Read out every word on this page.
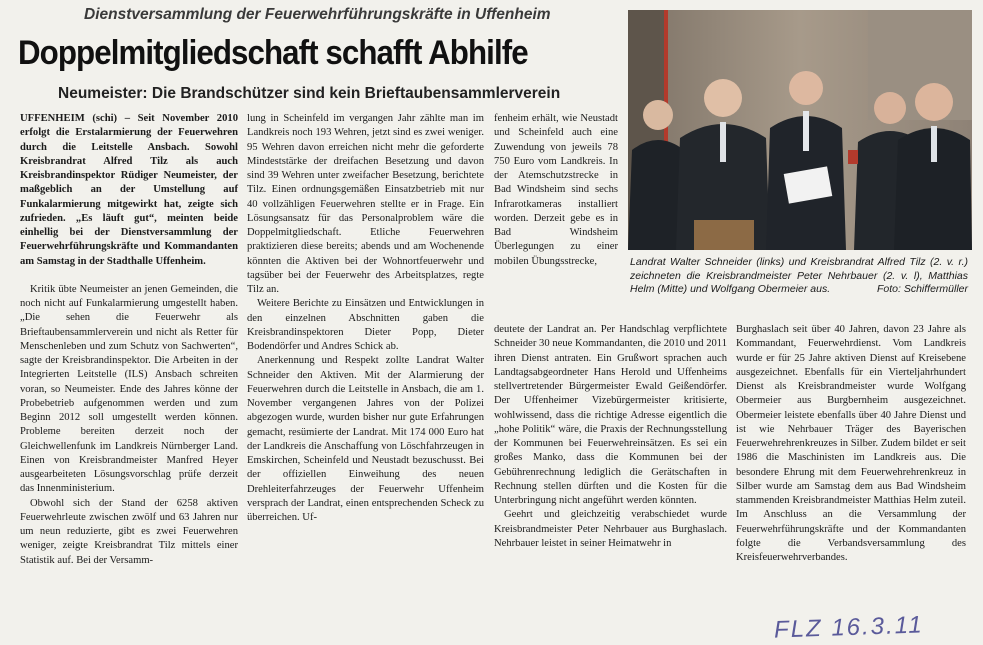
Dienstversammlung der Feuerwehrführungskräfte in Uffenheim
Doppelmitgliedschaft schafft Abhilfe
Neumeister: Die Brandschützer sind kein Brieftaubensammlerverein

UFFENHEIM (schi) – Seit November 2010 erfolgt die Erstalarmierung der Feuerwehren durch die Leitstelle Ansbach. Sowohl Kreisbrandrat Alfred Tilz als auch Kreisbrandinspektor Rüdiger Neumeister, der maßgeblich an der Umstellung auf Funkalarmierung mitgewirkt hat, zeigte sich zufrieden. „Es läuft gut“, meinten beide einhellig bei der Dienstversammlung der Feuerwehrführungskräfte und Kommandanten am Samstag in der Stadthalle Uffenheim.

Kritik übte Neumeister an jenen Gemeinden, die noch nicht auf Funkalarmierung umgestellt haben. „Die sehen die Feuerwehr als Brieftaubensammlerverein und nicht als Retter für Menschenleben und zum Schutz von Sachwerten“, sagte der Kreisbrandinspektor. Die Arbeiten in der Integrierten Leitstelle (ILS) Ansbach schreiten voran, so Neumeister. Ende des Jahres könne der Probebetrieb aufgenommen werden und zum Beginn 2012 soll umgestellt werden können. Probleme bereiten derzeit noch der Gleichwellenfunk im Landkreis Nürnberger Land. Einen von Kreisbrandmeister Manfred Heyer ausgearbeiteten Lösungsvorschlag prüfe derzeit das Innenministerium.

Obwohl sich der Stand der 6258 aktiven Feuerwehrleute zwischen zwölf und 63 Jahren nur um neun reduzierte, gibt es zwei Feuerwehren weniger, zeigte Kreisbrandrat Tilz mittels einer Statistik auf. Bei der Versamm-

lung in Scheinfeld im vergangen Jahr zählte man im Landkreis noch 193 Wehren, jetzt sind es zwei weniger. 95 Wehren davon erreichen nicht mehr die geforderte Mindeststärke der dreifachen Besetzung und davon sind 39 Wehren unter zweifacher Besetzung, berichtete Tilz. Einen ordnungsgemäßen Einsatzbetrieb mit nur 40 vollzähligen Feuerwehren stellte er in Frage. Ein Lösungsansatz für das Personalproblem wäre die Doppelmitgliedschaft. Etliche Feuerwehren praktizieren diese bereits; abends und am Wochenende könnten die Aktiven bei der Wohnortfeuerwehr und tagsüber bei der Feuerwehr des Arbeitsplatzes, regte Tilz an.

Weitere Berichte zu Einsätzen und Entwicklungen in den einzelnen Abschnitten gaben die Kreisbrandinspektoren Dieter Popp, Dieter Bodendörfer und Andres Schick ab.

Anerkennung und Respekt zollte Landrat Walter Schneider den Aktiven. Mit der Alarmierung der Feuerwehren durch die Leitstelle in Ansbach, die am 1. November vergangenen Jahres von der Polizei abgezogen wurde, wurden bisher nur gute Erfahrungen gemacht, resümierte der Landrat. Mit 174 000 Euro hat der Landkreis die Anschaffung von Löschfahrzeugen in Emskirchen, Scheinfeld und Neustadt bezuschusst. Bei der offiziellen Einweihung des neuen Drehleiterfahrzeuges der Feuerwehr Uffenheim versprach der Landrat, einen entsprechenden Scheck zu überreichen. Uf-

fenheim erhält, wie Neustadt und Scheinfeld auch eine Zuwendung von jeweils 78 750 Euro vom Landkreis. In der Atemschutzstrecke in Bad Windsheim sind sechs Infrarotkameras installiert worden. Derzeit gebe es in Bad Windsheim Überlegungen zu einer mobilen Übungsstrecke,

deutete der Landrat an. Per Handschlag verpflichtete Schneider 30 neue Kommandanten, die 2010 und 2011 ihren Dienst antraten. Ein Grußwort sprachen auch Landtagsabgeordneter Hans Herold und Uffenheims stellvertretender Bürgermeister Ewald Geißendörfer. Der Uffenheimer Vizebürgermeister kritisierte, wohlwissend, dass die richtige Adresse eigentlich die „hohe Politik“ wäre, die Praxis der Rechnungsstellung der Kommunen bei Feuerwehreinsätzen. Es sei ein großes Manko, dass die Kommunen bei der Gebührenrechnung lediglich die Gerätschaften in Rechnung stellen dürften und die Kosten für die Unterbringung nicht angeführt werden könnten.

Geehrt und gleichzeitig verabschiedet wurde Kreisbrandmeister Peter Nehrbauer aus Burghaslach. Nehrbauer leistet in seiner Heimatwehr in

Landrat Walter Schneider (links) und Kreisbrandrat Alfred Tilz (2. v. r.) zeichneten die Kreisbrandmeister Peter Nehrbauer (2. v. l), Matthias Helm (Mitte) und Wolfgang Obermeier aus.	Foto: Schiffermüller

Burghaslach seit über 40 Jahren, davon 23 Jahre als Kommandant, Feuerwehrdienst. Vom Landkreis wurde er für 25 Jahre aktiven Dienst auf Kreisebene ausgezeichnet. Ebenfalls für ein Vierteljahrhundert Dienst als Kreisbrandmeister wurde Wolfgang Obermeier aus Burgbernheim ausgezeichnet. Obermeier leistete ebenfalls über 40 Jahre Dienst und ist wie Nehrbauer Träger des Bayerischen Feuerwehrehrenkreuzes in Silber. Zudem bildet er seit 1986 die Maschinisten im Landkreis aus. Die besondere Ehrung mit dem Feuerwehrehrenkreuz in Silber wurde am Samstag dem aus Bad Windsheim stammenden Kreisbrandmeister Matthias Helm zuteil. Im Anschluss an die Versammlung der Feuerwehrführungskräfte und der Kommandanten folgte die Verbandsversammlung des Kreisfeuerwehrverbandes.

FLZ 16.3.11
